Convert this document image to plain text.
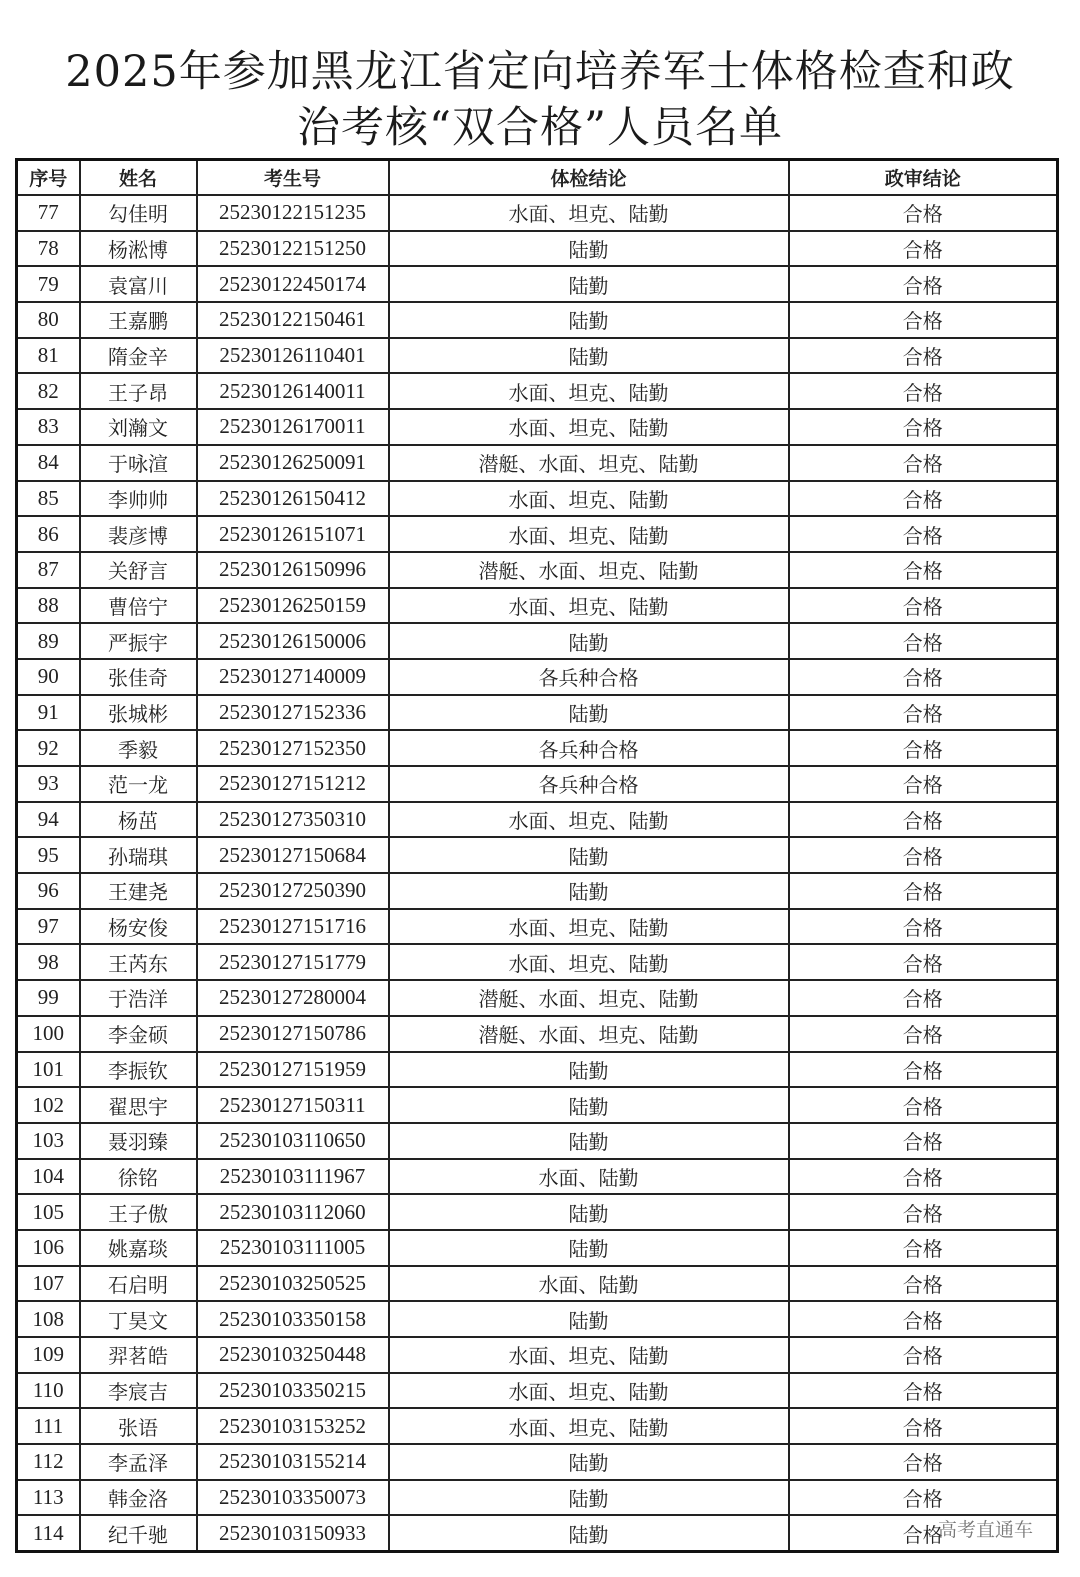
2025年参加黑龙江省定向培养军士体格检查和政
治考核“双合格”人员名单
序号	姓名	考生号	体检结论	政审结论
77	勾佳明	25230122151235	水面、坦克、陆勤	合格
78	杨淞博	25230122151250	陆勤	合格
79	袁富川	25230122450174	陆勤	合格
80	王嘉鹏	25230122150461	陆勤	合格
81	隋金辛	25230126110401	陆勤	合格
82	王子昂	25230126140011	水面、坦克、陆勤	合格
83	刘瀚文	25230126170011	水面、坦克、陆勤	合格
84	于咏渲	25230126250091	潜艇、水面、坦克、陆勤	合格
85	李帅帅	25230126150412	水面、坦克、陆勤	合格
86	裴彦博	25230126151071	水面、坦克、陆勤	合格
87	关舒言	25230126150996	潜艇、水面、坦克、陆勤	合格
88	曹倍宁	25230126250159	水面、坦克、陆勤	合格
89	严振宇	25230126150006	陆勤	合格
90	张佳奇	25230127140009	各兵种合格	合格
91	张城彬	25230127152336	陆勤	合格
92	季毅	25230127152350	各兵种合格	合格
93	范一龙	25230127151212	各兵种合格	合格
94	杨茁	25230127350310	水面、坦克、陆勤	合格
95	孙瑞琪	25230127150684	陆勤	合格
96	王建尧	25230127250390	陆勤	合格
97	杨安俊	25230127151716	水面、坦克、陆勤	合格
98	王芮东	25230127151779	水面、坦克、陆勤	合格
99	于浩洋	25230127280004	潜艇、水面、坦克、陆勤	合格
100	李金硕	25230127150786	潜艇、水面、坦克、陆勤	合格
101	李振钦	25230127151959	陆勤	合格
102	翟思宇	25230127150311	陆勤	合格
103	聂羽臻	25230103110650	陆勤	合格
104	徐铭	25230103111967	水面、陆勤	合格
105	王子傲	25230103112060	陆勤	合格
106	姚嘉琰	25230103111005	陆勤	合格
107	石启明	25230103250525	水面、陆勤	合格
108	丁昊文	25230103350158	陆勤	合格
109	羿茗皓	25230103250448	水面、坦克、陆勤	合格
110	李宸吉	25230103350215	水面、坦克、陆勤	合格
111	张语	25230103153252	水面、坦克、陆勤	合格
112	李孟泽	25230103155214	陆勤	合格
113	韩金洛	25230103350073	陆勤	合格
114	纪千驰	25230103150933	陆勤	合格
高考直通车
